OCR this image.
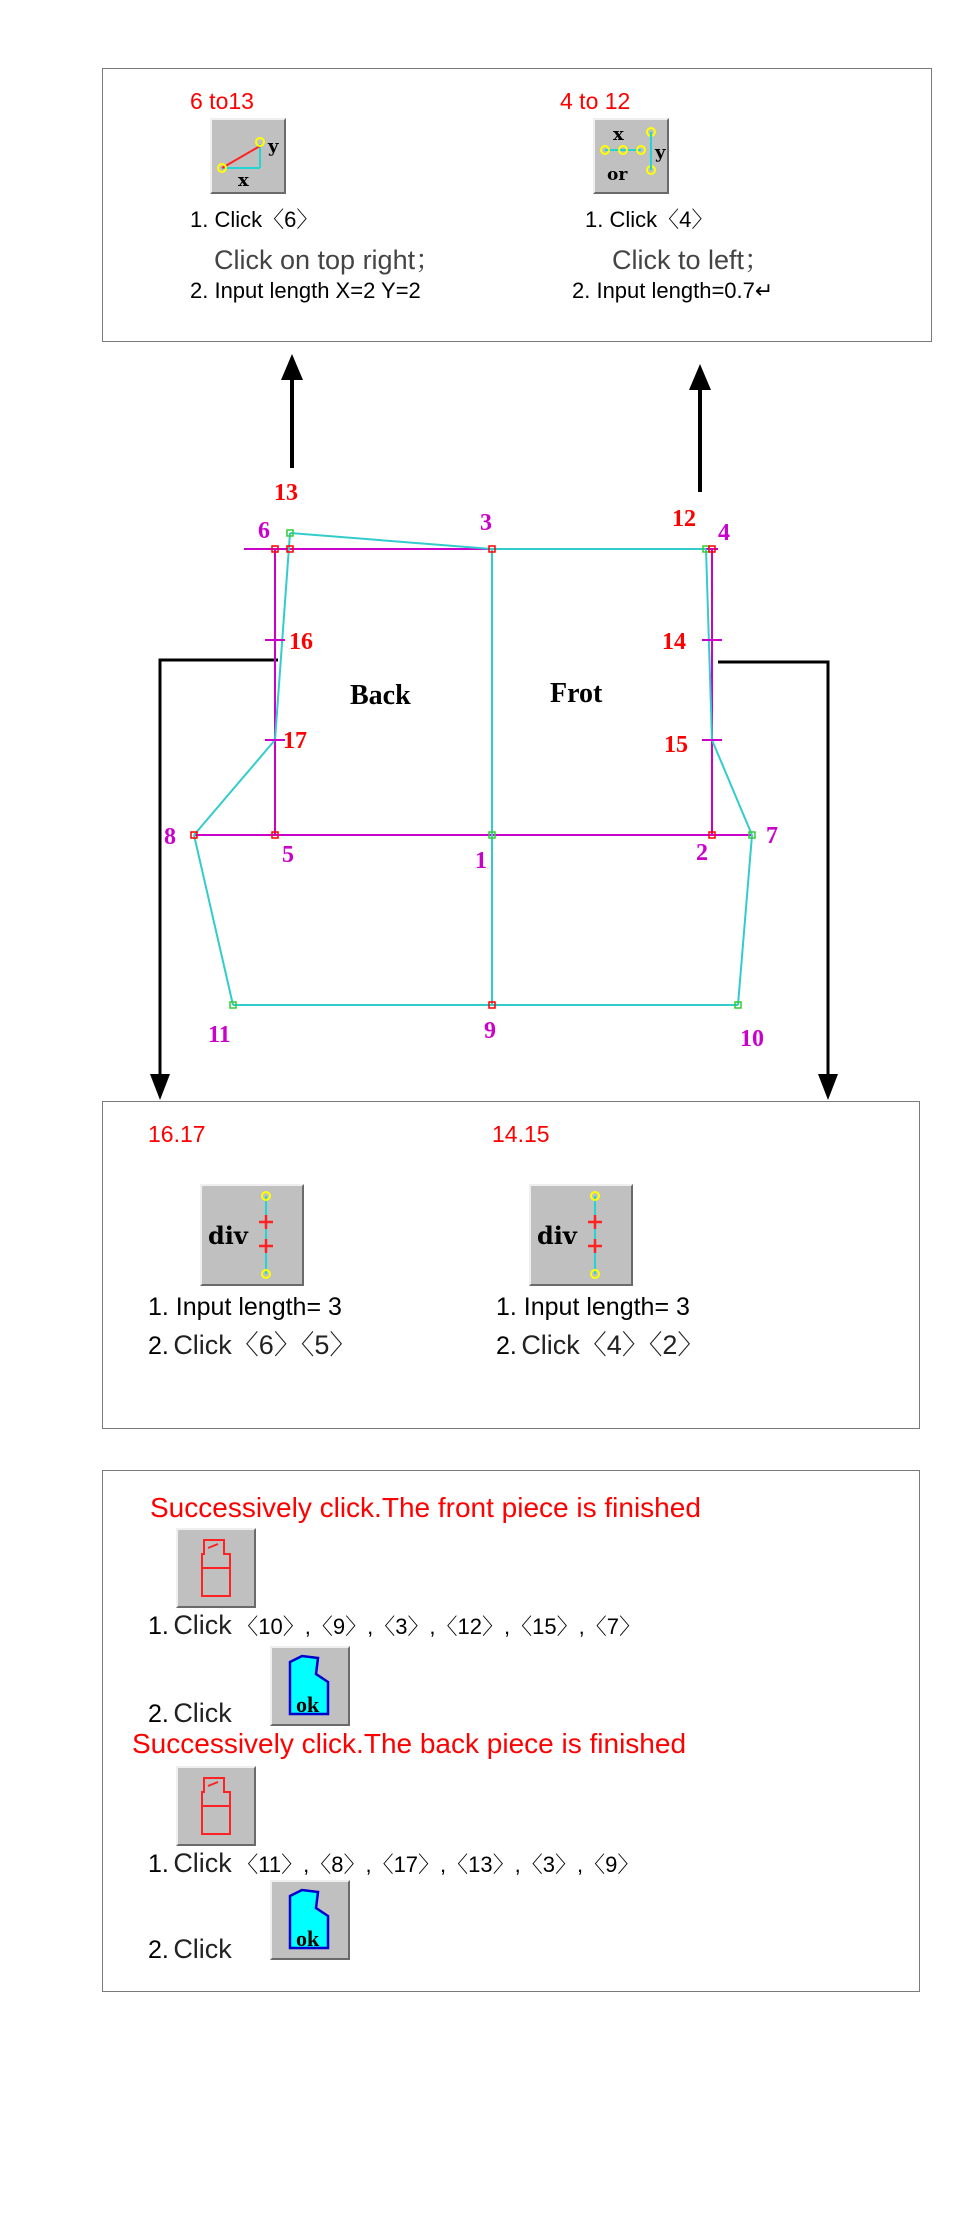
6 to13
x
y
1. Click〈6〉
Click on top right；
2. Input length X=2 Y=2
4 to 12
x
or
y
1. Click〈4〉
Click to left；
2. Input length=0.7↵
Back	Frot
13
6	3	12
4
16	14
17	15
8
5	1	2
7
11	9	10
16.17
div
1. Input length= 3
2. Click〈6〉〈5〉
14.15
div
1. Input length= 3
2. Click〈4〉〈2〉
Successively click.The front piece is finished
1. Click 〈10〉,〈9〉,〈3〉,〈12〉,〈15〉,〈7〉
2. Click	ok
Successively click.The back piece is finished
1. Click 〈11〉,〈8〉,〈17〉,〈13〉,〈3〉,〈9〉
2. Click	ok
